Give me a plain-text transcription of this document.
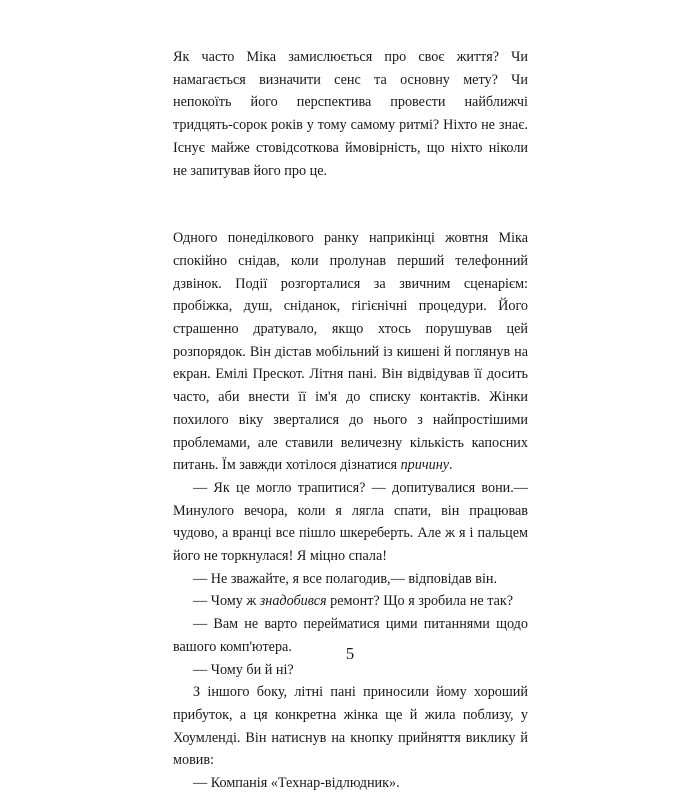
Як часто Міка замислюється про своє життя? Чи намагається визначити сенс та основну мету? Чи непокоїть його перспектива провести найближчі тридцять-сорок років у тому самому ритмі? Ніхто не знає. Існує майже стовідсоткова ймовірність, що ніхто ніколи не запитував його про це.

Одного понеділкового ранку наприкінці жовтня Міка спокійно снідав, коли пролунав перший телефонний дзвінок. Події розгорталися за звичним сценарієм: пробіжка, душ, сніданок, гігієнічні процедури. Його страшенно дратувало, якщо хтось порушував цей розпорядок. Він дістав мобільний із кишені й поглянув на екран. Емілі Прескот. Літня пані. Він відвідував її досить часто, аби внести її ім'я до списку контактів. Жінки похилого віку зверталися до нього з найпростішими проблемами, але ставили величезну кількість капосних питань. Їм завжди хотілося дізнатися причину.

— Як це могло трапитися? — допитувалися вони.— Минулого вечора, коли я лягла спати, він працював чудово, а вранці все пішло шкереберть. Але ж я і пальцем його не торкнулася! Я міцно спала!

— Не зважайте, я все полагодив,— відповідав він.

— Чому ж знадобився ремонт? Що я зробила не так?

— Вам не варто перейматися цими питаннями щодо вашого комп'ютера.

— Чому би й ні?

З іншого боку, літні пані приносили йому хороший прибуток, а ця конкретна жінка ще й жила поблизу, у Хоумленді. Він натиснув на кнопку прийняття виклику й мовив:

— Компанія «Технар-відлюдник».

5
